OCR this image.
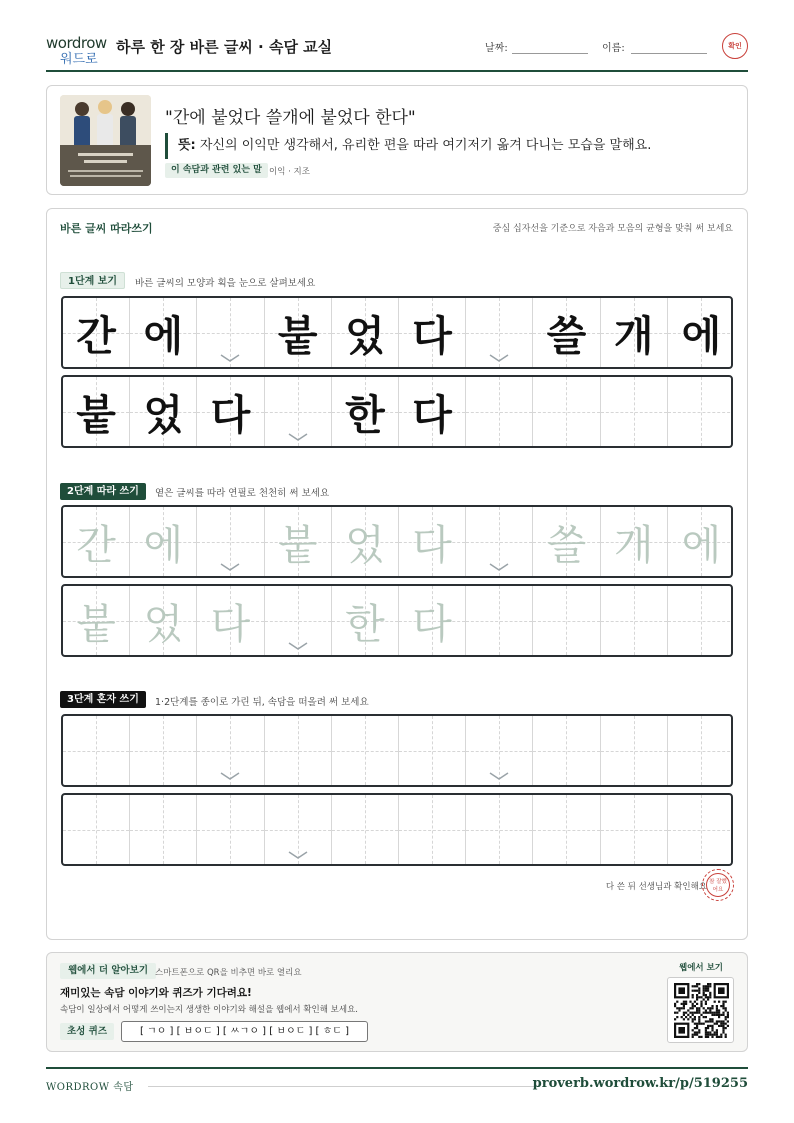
wordrow
워드로
하루 한 장 바른 글씨 · 속담 교실	날짜:	이름:	확인
"간에 붙었다 쓸개에 붙었다 한다"
뜻: 자신의 이익만 생각해서, 유리한 편을 따라 여기저기 옮겨 다니는 모습을 말해요.
이 속담과 관련 있는 말 이익 · 지조
바른 글씨 따라쓰기	중심 십자선을 기준으로 자음과 모음의 균형을 맞춰 써 보세요
1단계 보기	바른 글씨의 모양과 획을 눈으로 살펴보세요
간 에	붙 었 다	쓸 개 에
붙 었 다	한 다
2단계 따라 쓰기	옅은 글씨를 따라 연필로 천천히 써 보세요
간 에	붙 었 다	쓸 개 에
붙 었 다	한 다
3단계 혼자 쓰기	1·2단계를 종이로 가린 뒤, 속담을 떠올려 써 보세요
다 쓴 뒤 선생님과 확인해요 참 잘했어요
웹에서 더 알아보기 스마트폰으로 QR을 비추면 바로 열리요
재미있는 속담 이야기와 퀴즈가 기다려요!
속담이 일상에서 어떻게 쓰이는지 생생한 이야기와 해설을 웹에서 확인해 보세요.
초성 퀴즈	[ ㄱㅇ ] [ ㅂㅇㄷ ] [ ㅆㄱㅇ ] [ ㅂㅇㄷ ] [ ㅎㄷ ]
웹에서 보기
WORDROW 속담	proverb.wordrow.kr/p/519255
